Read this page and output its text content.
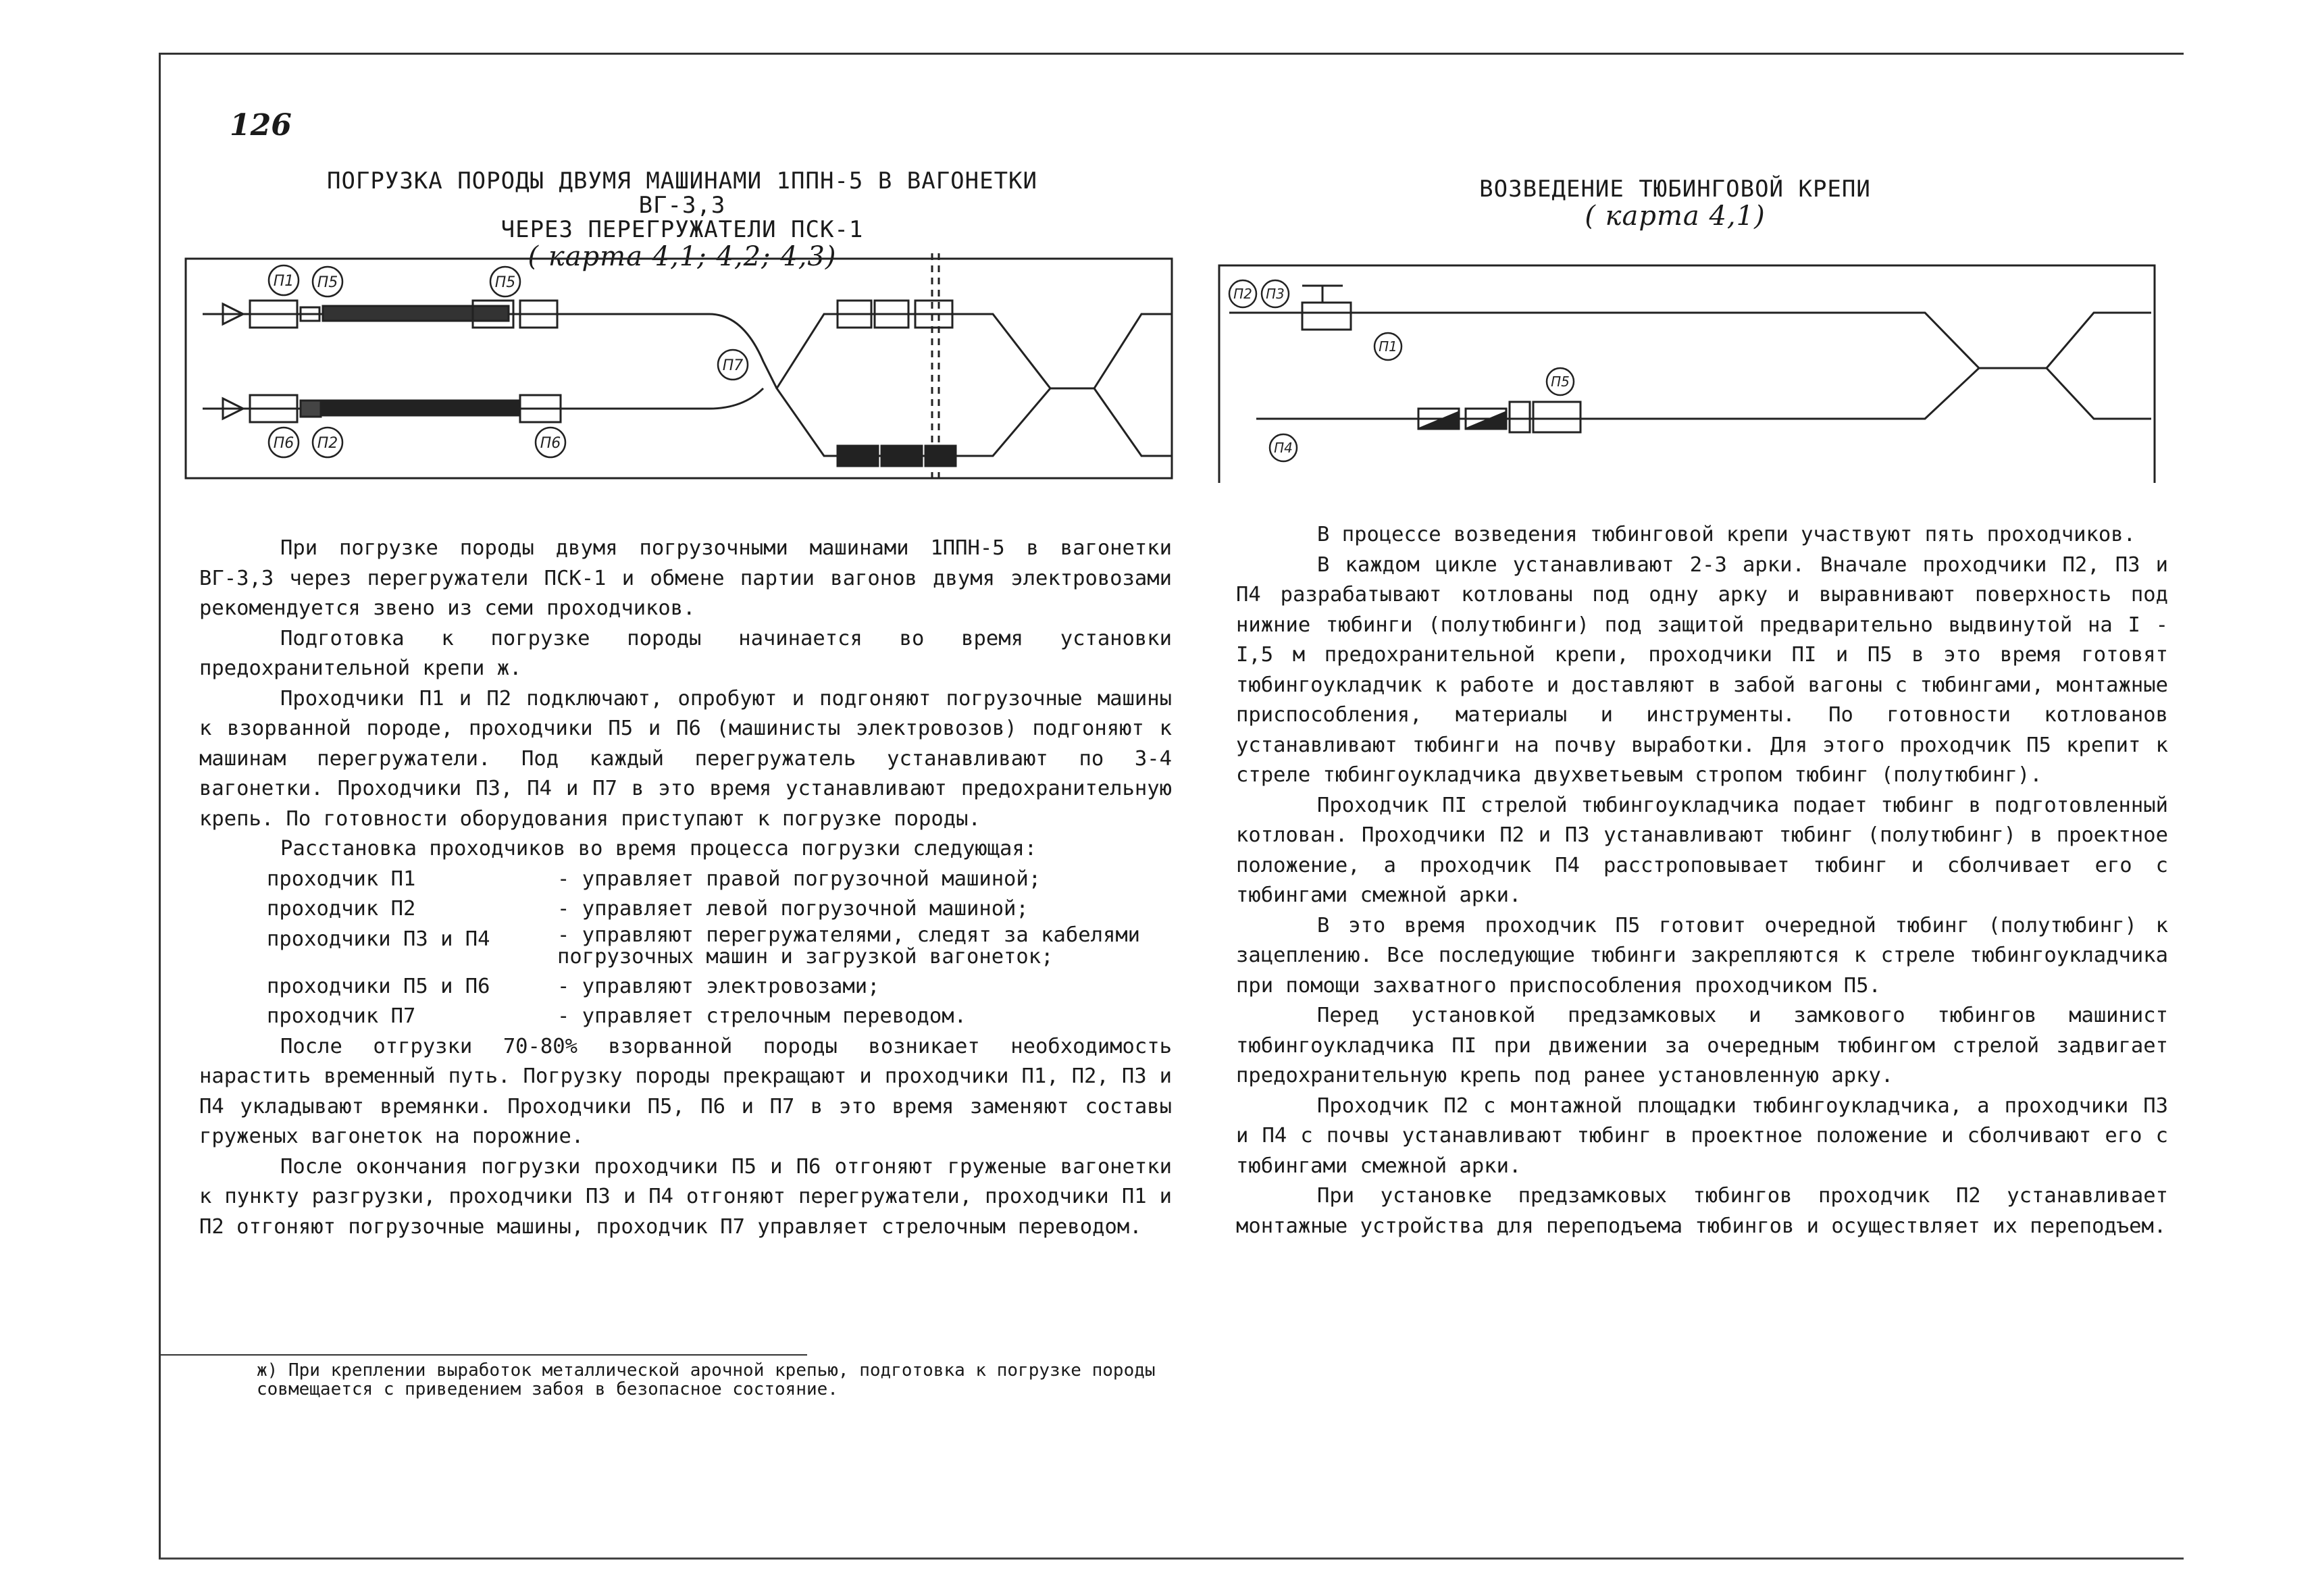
126
ПОГРУЗКА ПОРОДЫ ДВУМЯ МАШИНАМИ 1ППН-5 В ВАГОНЕТКИ ВГ-3,3
ЧЕРЕЗ ПЕРЕГРУЖАТЕЛИ ПСК-1
( карта 4,1; 4,2; 4,3)
ВОЗВЕДЕНИЕ ТЮБИНГОВОЙ КРЕПИ
( карта 4,1)
П1 П5	П5
П7
П6 П2	П6
П2 П3
П1
П5
П4

При погрузке породы двумя погрузочными машинами 1ППН-5 в вагонетки ВГ-3,3 через перегружатели ПСК-1 и обмене партии вагонов двумя электровозами рекомендуется звено из семи проходчиков.

Подготовка к погрузке породы начинается во время установки предохранительной крепи ж.

Проходчики П1 и П2 подключают, опробуют и подгоняют погрузочные машины к взорванной породе, проходчики П5 и П6 (машинисты электровозов) подгоняют к машинам перегружатели. Под каждый перегружатель устанавливают по 3-4 вагонетки. Проходчики П3, П4 и П7 в это время устанавливают предохранительную крепь. По готовности оборудования приступают к погрузке породы.

Расстановка проходчиков во время процесса погрузки следующая:

проходчик П1	- управляет правой погрузочной машиной;
проходчик П2	- управляет левой погрузочной машиной;
проходчики П3 и П4	- управляют перегружателями, следят за кабелями погрузочных машин и загрузкой вагонеток;
проходчики П5 и П6	- управляют электровозами;
проходчик П7	- управляет стрелочным переводом.

После отгрузки 70-80% взорванной породы возникает необходимость нарастить временный путь. Погрузку породы прекращают и проходчики П1, П2, П3 и П4 укладывают времянки. Проходчики П5, П6 и П7 в это время заменяют составы груженых вагонеток на порожние.

После окончания погрузки проходчики П5 и П6 отгоняют груженые вагонетки к пункту разгрузки, проходчики П3 и П4 отгоняют перегружатели, проходчики П1 и П2 отгоняют погрузочные машины, проходчик П7 управляет стрелочным переводом.

ж) При креплении выработок металлической арочной крепью, подготовка к погрузке породы совмещается с приведением забоя в безопасное состояние.

В процессе возведения тюбинговой крепи участвуют пять проходчиков.

В каждом цикле устанавливают 2-3 арки. Вначале проходчики П2, П3 и П4 разрабатывают котлованы под одну арку и выравнивают поверхность под нижние тюбинги (полутюбинги) под защитой предварительно выдвинутой на I - I,5 м предохранительной крепи, проходчики ПI и П5 в это время готовят тюбингоукладчик к работе и доставляют в забой вагоны с тюбингами, монтажные приспособления, материалы и инструменты. По готовности котлованов устанавливают тюбинги на почву выработки. Для этого проходчик П5 крепит к стреле тюбингоукладчика двухветьевым стропом тюбинг (полутюбинг).

Проходчик ПI стрелой тюбингоукладчика подает тюбинг в подготовленный котлован. Проходчики П2 и П3 устанавливают тюбинг (полутюбинг) в проектное положение, а проходчик П4 расстроповывает тюбинг и сболчивает его с тюбингами смежной арки.

В это время проходчик П5 готовит очередной тюбинг (полутюбинг) к зацеплению. Все последующие тюбинги закрепляются к стреле тюбингоукладчика при помощи захватного приспособления проходчиком П5.

Перед установкой предзамковых и замкового тюбингов машинист тюбингоукладчика ПI при движении за очередным тюбингом стрелой задвигает предохранительную крепь под ранее установленную арку.

Проходчик П2 с монтажной площадки тюбингоукладчика, а проходчики П3 и П4 с почвы устанавливают тюбинг в проектное положение и сболчивают его с тюбингами смежной арки.

При установке предзамковых тюбингов проходчик П2 устанавливает монтажные устройства для переподъема тюбингов и осуществляет их переподъем.
